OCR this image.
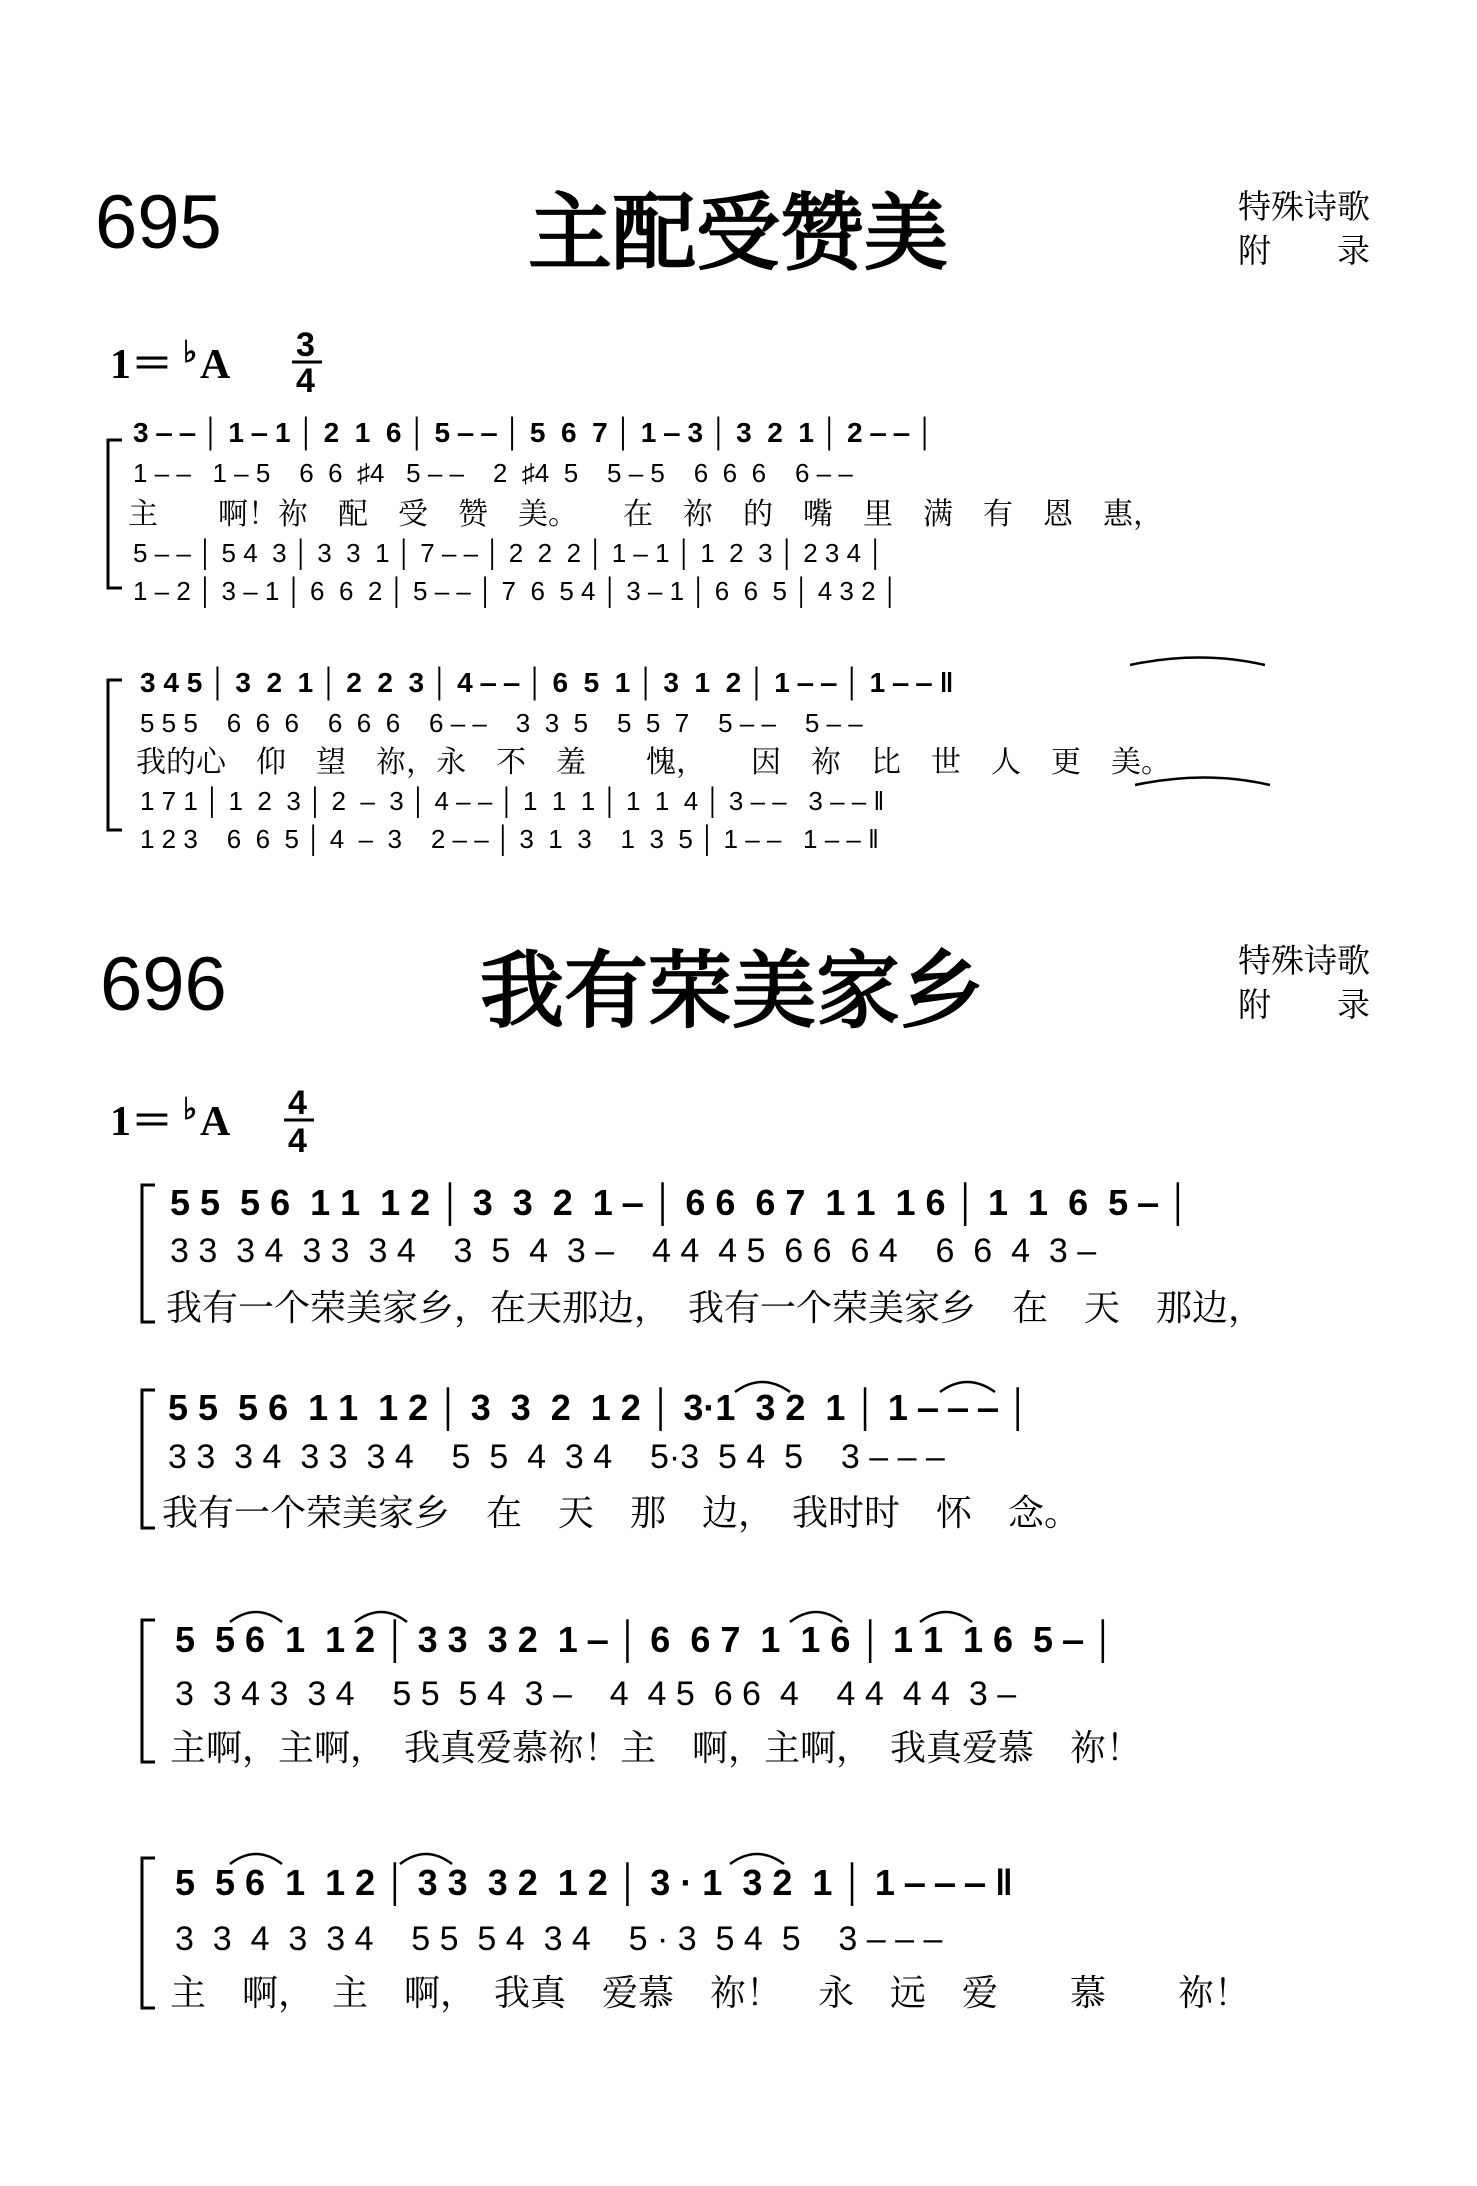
695	主配受赞美	特殊诗歌
附　　录
1＝ ♭ A 3
4
3 ‒ ‒ │ 1 ‒ 1 │ 2  1  6 │ 5 ‒ ‒ │ 5  6  7 │ 1 ‒ 3 │ 3  2  1 │ 2 ‒ ‒ │
1 ‒ ‒   1 ‒ 5    6  6  ♯4   5 ‒ ‒    2  ♯4  5    5 ‒ 5    6  6  6    6 ‒ ‒
主　　啊！祢　配　受　赞　美。　　在　祢　的　嘴　里　满　有　恩　惠，
5 ‒ ‒ │ 5 4  3 │ 3  3  1 │ 7 ‒ ‒ │ 2  2  2 │ 1 ‒ 1 │ 1  2  3 │ 2 3 4 │
1 ‒ 2 │ 3 ‒ 1 │ 6  6  2 │ 5 ‒ ‒ │ 7  6  5 4 │ 3 ‒ 1 │ 6  6  5 │ 4 3 2 │
3 4 5 │ 3  2  1 │ 2  2  3 │ 4 ‒ ‒ │ 6  5  1 │ 3  1  2 │ 1 ‒ ‒ │ 1 ‒ ‒ ‖
5 5 5    6  6  6    6  6  6    6 ‒ ‒    3  3  5    5  5  7    5 ‒ ‒    5 ‒ ‒
我的心　仰　望　祢，永　不　羞　　愧，　　因　祢　比　世　人　更　美。
1 7 1 │ 1  2  3 │ 2  ‒  3 │ 4 ‒ ‒ │ 1  1  1 │ 1  1  4 │ 3 ‒ ‒   3 ‒ ‒ ‖
1 2 3    6  6  5 │ 4  ‒  3    2 ‒ ‒ │ 3  1  3    1  3  5 │ 1 ‒ ‒   1 ‒ ‒ ‖
696	我有荣美家乡	特殊诗歌
附　　录
1＝ ♭ A 4
4
5 5  5 6  1 1  1 2 │ 3  3  2  1 ‒ │ 6 6  6 7  1 1  1 6 │ 1  1  6  5 ‒ │
3 3  3 4  3 3  3 4    3  5  4  3 ‒    4 4  4 5  6 6  6 4    6  6  4  3 ‒
我有一个荣美家乡，在天那边，　我有一个荣美家乡　在　天　那边，
5 5  5 6  1 1  1 2 │ 3  3  2  1 2 │ 3·1  3 2  1 │ 1 ‒ ‒ ‒ │
3 3  3 4  3 3  3 4    5  5  4  3 4    5·3  5 4  5    3 ‒ ‒ ‒
我有一个荣美家乡　在　天　那　边，　我时时　怀　念。
5  5 6  1  1 2 │ 3 3  3 2  1 ‒ │ 6  6 7  1  1 6 │ 1 1  1 6  5 ‒ │
3  3 4 3  3 4    5 5  5 4  3 ‒    4  4 5  6 6  4    4 4  4 4  3 ‒
主啊，主啊，　我真爱慕祢！主　啊，主啊，　我真爱慕　祢！
5  5 6  1  1 2 │ 3 3  3 2  1 2 │ 3 · 1  3 2  1 │ 1 ‒ ‒ ‒ ‖
3  3  4  3  3 4    5 5  5 4  3 4    5 · 3  5 4  5    3 ‒ ‒ ‒
主　啊，　主　啊，　我真　爱慕　祢！　永　远　爱　　慕　　祢！
